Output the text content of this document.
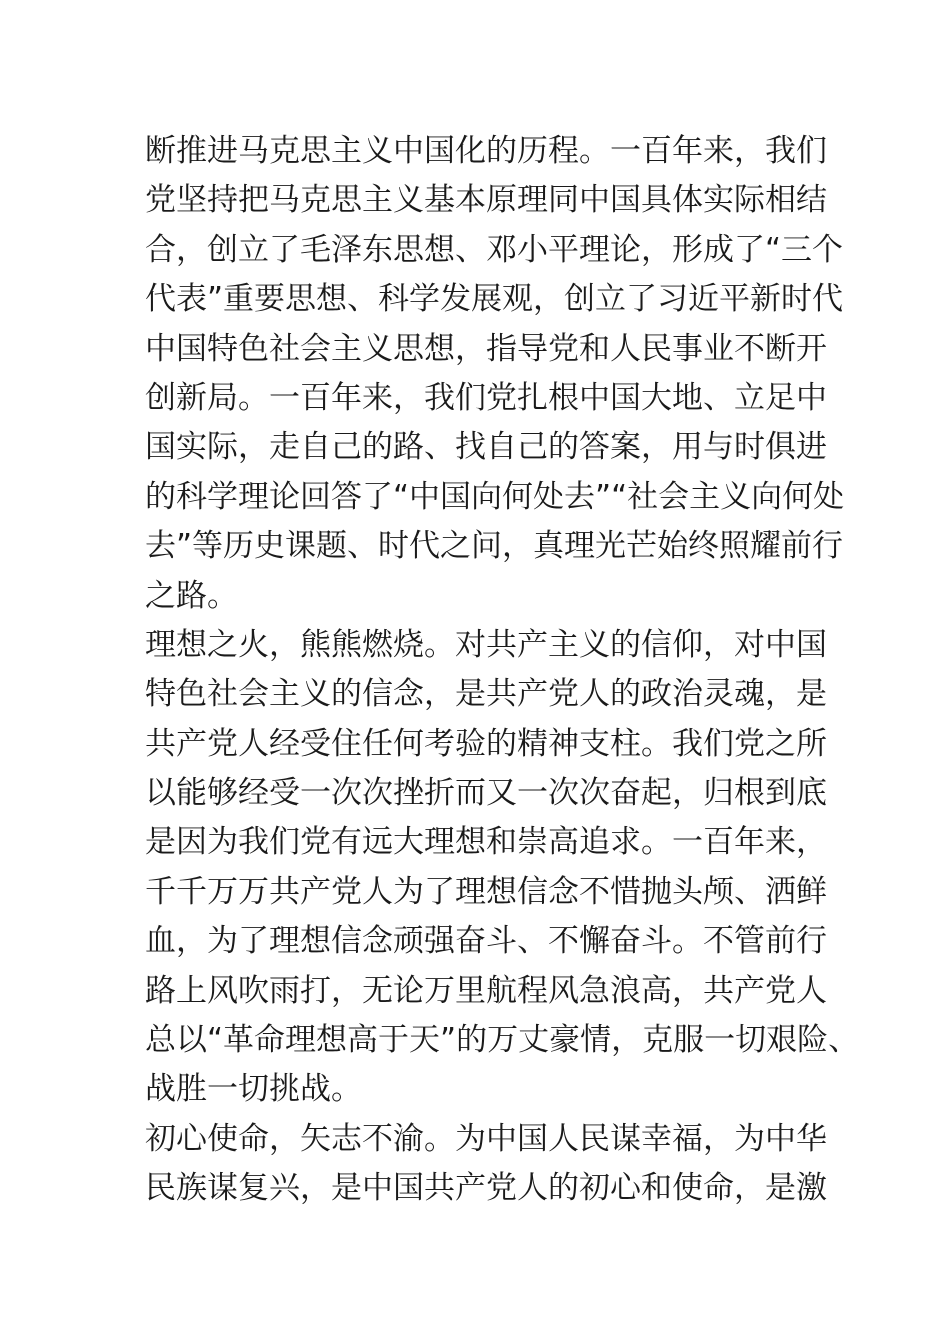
断推进马克思主义中国化的历程。一百年来，我们
党坚持把马克思主义基本原理同中国具体实际相结
合，创立了毛泽东思想、邓小平理论，形成了“三个
代表”重要思想、科学发展观，创立了习近平新时代
中国特色社会主义思想，指导党和人民事业不断开
创新局。一百年来，我们党扎根中国大地、立足中
国实际，走自己的路、找自己的答案，用与时俱进
的科学理论回答了“中国向何处去”“社会主义向何处
去”等历史课题、时代之问，真理光芒始终照耀前行
之路。
理想之火，熊熊燃烧。对共产主义的信仰，对中国
特色社会主义的信念，是共产党人的政治灵魂，是
共产党人经受住任何考验的精神支柱。我们党之所
以能够经受一次次挫折而又一次次奋起，归根到底
是因为我们党有远大理想和崇高追求。一百年来，
千千万万共产党人为了理想信念不惜抛头颅、洒鲜
血，为了理想信念顽强奋斗、不懈奋斗。不管前行
路上风吹雨打，无论万里航程风急浪高，共产党人
总以“革命理想高于天”的万丈豪情，克服一切艰险、
战胜一切挑战。
初心使命，矢志不渝。为中国人民谋幸福，为中华
民族谋复兴，是中国共产党人的初心和使命，是激
